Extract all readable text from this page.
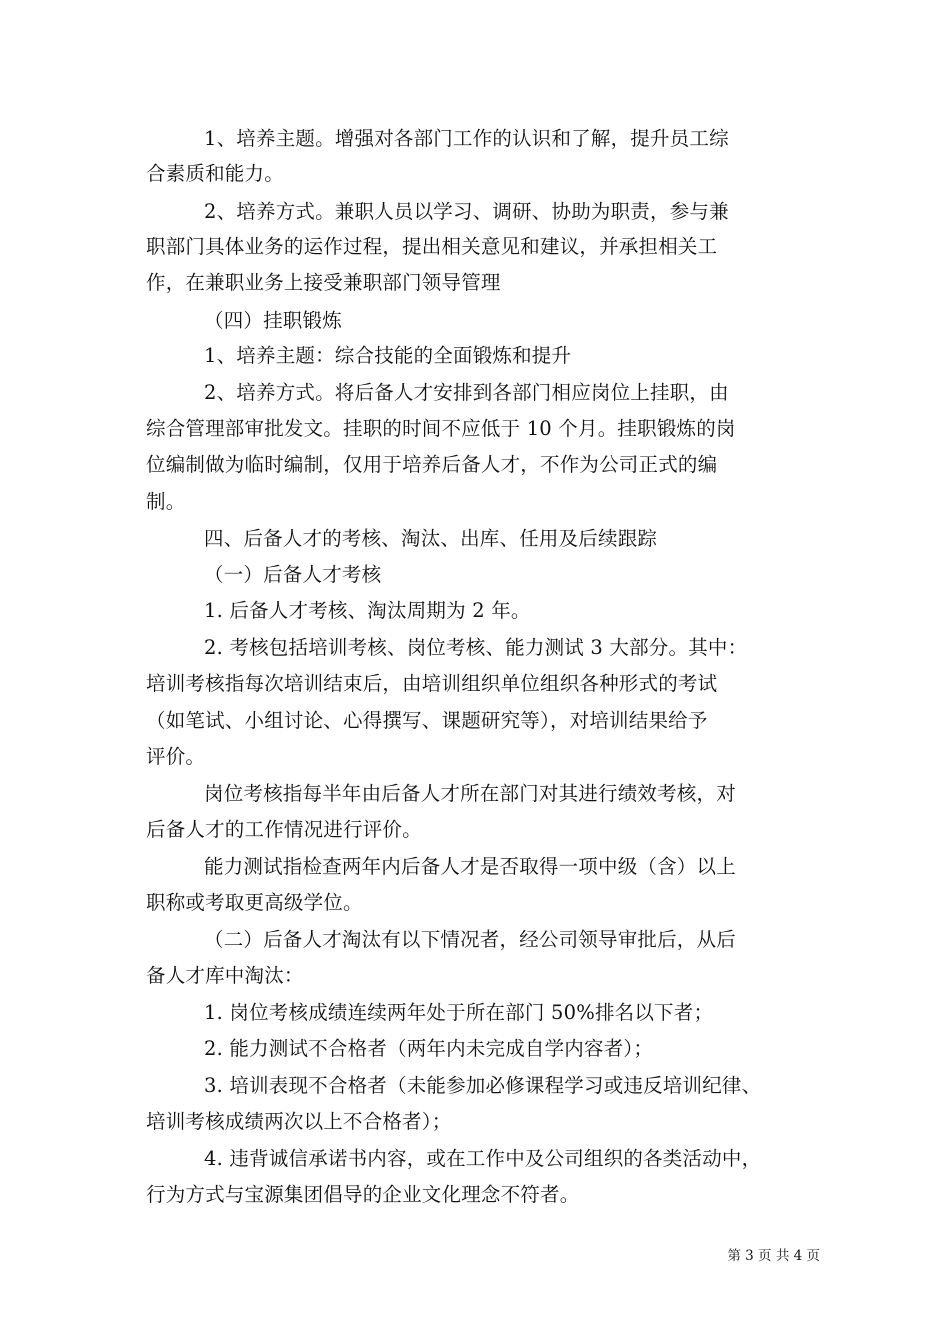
1、培养主题。增强对各部门工作的认识和了解，提升员工综
合素质和能力。
2、培养方式。兼职人员以学习、调研、协助为职责，参与兼
职部门具体业务的运作过程，提出相关意见和建议，并承担相关工
作，在兼职业务上接受兼职部门领导管理
（四）挂职锻炼
1、培养主题：综合技能的全面锻炼和提升
2、培养方式。将后备人才安排到各部门相应岗位上挂职，由
综合管理部审批发文。挂职的时间不应低于 10 个月。挂职锻炼的岗
位编制做为临时编制，仅用于培养后备人才，不作为公司正式的编
制。
四、后备人才的考核、淘汰、出库、任用及后续跟踪
（一）后备人才考核
1. 后备人才考核、淘汰周期为 2 年。
2. 考核包括培训考核、岗位考核、能力测试 3 大部分。其中：
培训考核指每次培训结束后，由培训组织单位组织各种形式的考试
（如笔试、小组讨论、心得撰写、课题研究等），对培训结果给予
评价。
岗位考核指每半年由后备人才所在部门对其进行绩效考核，对
后备人才的工作情况进行评价。
能力测试指检查两年内后备人才是否取得一项中级（含）以上
职称或考取更高级学位。
（二）后备人才淘汰有以下情况者，经公司领导审批后，从后
备人才库中淘汰：
1. 岗位考核成绩连续两年处于所在部门 50%排名以下者；
2. 能力测试不合格者（两年内未完成自学内容者）；
3. 培训表现不合格者（未能参加必修课程学习或违反培训纪律、
培训考核成绩两次以上不合格者）；
4. 违背诚信承诺书内容，或在工作中及公司组织的各类活动中，
行为方式与宝源集团倡导的企业文化理念不符者。
第 3 页 共 4 页
